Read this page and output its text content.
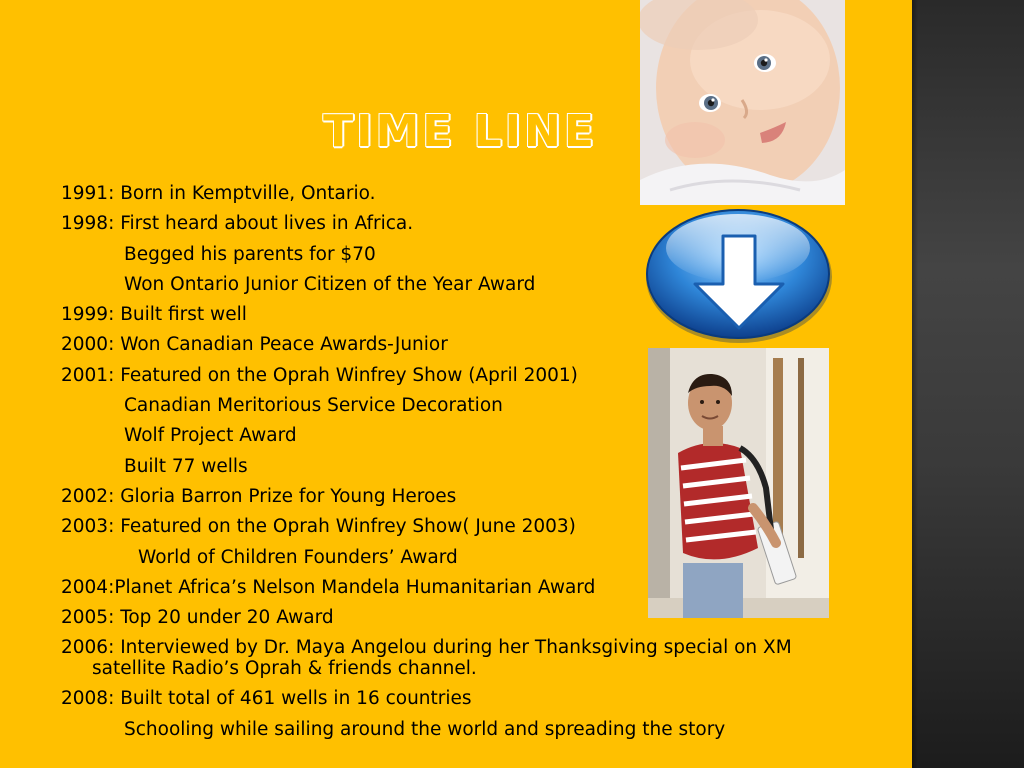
TIME LINE
1991: Born in Kemptville, Ontario.
1998: First heard about lives in Africa.
Begged his parents for $70
Won Ontario Junior Citizen of the Year Award
1999: Built first well
2000: Won Canadian Peace Awards-Junior
2001: Featured on the Oprah Winfrey Show (April 2001)
Canadian Meritorious Service Decoration
Wolf Project Award
Built 77 wells
2002: Gloria Barron Prize for Young Heroes
2003: Featured on the Oprah Winfrey Show( June 2003)
World of Children Founders’ Award
2004:Planet Africa’s Nelson Mandela Humanitarian Award
2005: Top 20 under 20 Award
2006: Interviewed by Dr. Maya Angelou during her Thanksgiving special on XM
satellite Radio’s Oprah & friends channel.
2008: Built total of 461 wells in 16 countries
Schooling while sailing around the world and spreading the story
